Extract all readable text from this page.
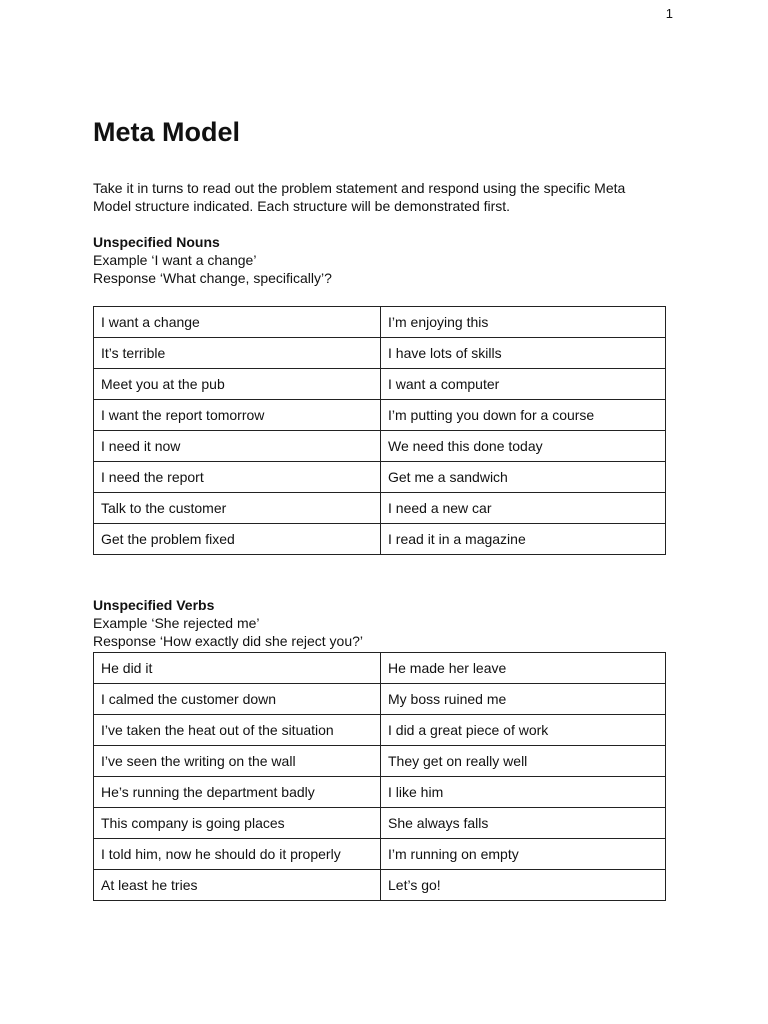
1
Meta Model

Take it in turns to read out the problem statement and respond using the specific Meta Model structure indicated. Each structure will be demonstrated first.

Unspecified Nouns

Example ‘I want a change’

Response ‘What change, specifically’?

I want a change	I’m enjoying this
It’s terrible	I have lots of skills
Meet you at the pub	I want a computer
I want the report tomorrow	I’m putting you down for a course
I need it now	We need this done today
I need the report	Get me a sandwich
Talk to the customer	I need a new car
Get the problem fixed	I read it in a magazine

Unspecified Verbs

Example ‘She rejected me’

Response ‘How exactly did she reject you?’

He did it	He made her leave
I calmed the customer down	My boss ruined me
I’ve taken the heat out of the situation	I did a great piece of work
I’ve seen the writing on the wall	They get on really well
He’s running the department badly	I like him
This company is going places	She always falls
I told him, now he should do it properly	I’m running on empty
At least he tries	Let’s go!
